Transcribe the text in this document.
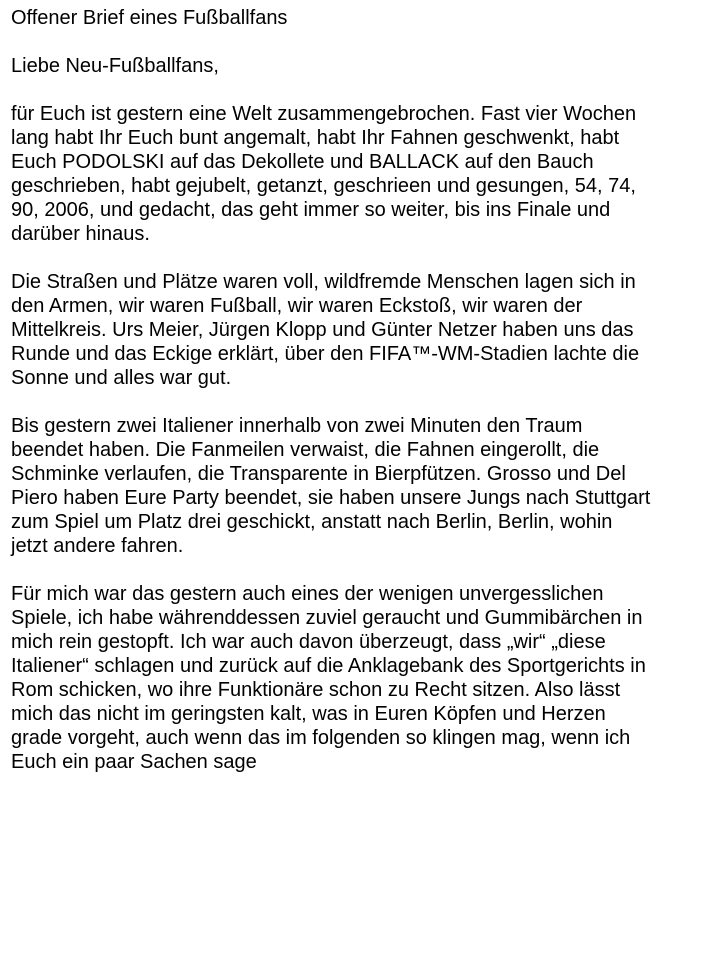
Offener Brief eines Fußballfans
Liebe Neu-Fußballfans,
für Euch ist gestern eine Welt zusammengebrochen. Fast vier Wochen
lang habt Ihr Euch bunt angemalt, habt Ihr Fahnen geschwenkt, habt
Euch PODOLSKI auf das Dekollete und BALLACK auf den Bauch
geschrieben, habt gejubelt, getanzt, geschrieen und gesungen, 54, 74,
90, 2006, und gedacht, das geht immer so weiter, bis ins Finale und
darüber hinaus.
Die Straßen und Plätze waren voll, wildfremde Menschen lagen sich in
den Armen, wir waren Fußball, wir waren Eckstoß, wir waren der
Mittelkreis. Urs Meier, Jürgen Klopp und Günter Netzer haben uns das
Runde und das Eckige erklärt, über den FIFA™-WM-Stadien lachte die
Sonne und alles war gut.
Bis gestern zwei Italiener innerhalb von zwei Minuten den Traum
beendet haben. Die Fanmeilen verwaist, die Fahnen eingerollt, die
Schminke verlaufen, die Transparente in Bierpfützen. Grosso und Del
Piero haben Eure Party beendet, sie haben unsere Jungs nach Stuttgart
zum Spiel um Platz drei geschickt, anstatt nach Berlin, Berlin, wohin
jetzt andere fahren.
Für mich war das gestern auch eines der wenigen unvergesslichen
Spiele, ich habe währenddessen zuviel geraucht und Gummibärchen in
mich rein gestopft. Ich war auch davon überzeugt, dass „wir“ „diese
Italiener“ schlagen und zurück auf die Anklagebank des Sportgerichts in
Rom schicken, wo ihre Funktionäre schon zu Recht sitzen. Also lässt
mich das nicht im geringsten kalt, was in Euren Köpfen und Herzen
grade vorgeht, auch wenn das im folgenden so klingen mag, wenn ich
Euch ein paar Sachen sage
